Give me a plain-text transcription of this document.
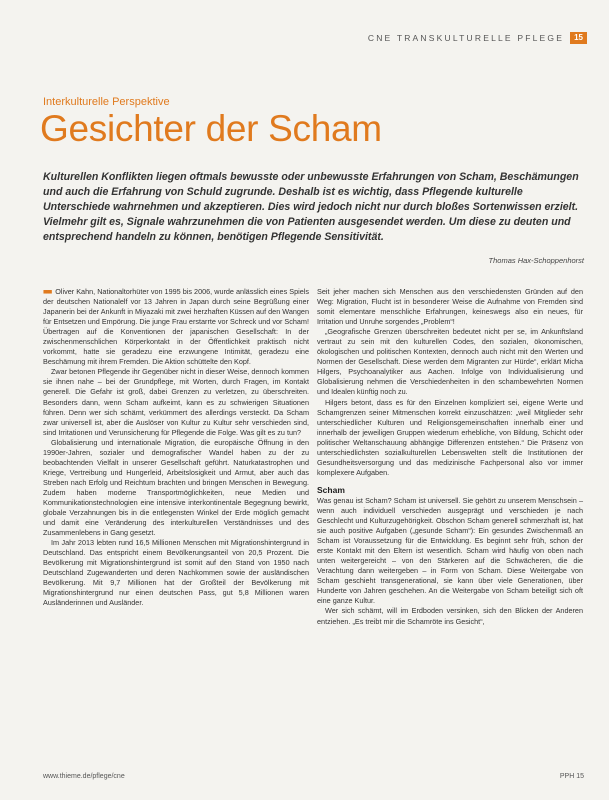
CNE TRANSKULTURELLE PFLEGE	15
Interkulturelle Perspektive
Gesichter der Scham
Kulturellen Konflikten liegen oftmals bewusste oder unbewusste Erfahrungen von Scham, Beschämungen und auch die Erfahrung von Schuld zugrunde. Deshalb ist es wichtig, dass Pflegende kulturelle Unterschiede wahrnehmen und akzeptieren. Dies wird jedoch nicht nur durch bloßes Sortenwissen erzielt. Vielmehr gilt es, Signale wahrzunehmen die von Patienten ausgesendet werden. Um diese zu deuten und entsprechend handeln zu können, benötigen Pflegende Sensitivität.
Thomas Hax-Schoppenhorst

■■■ Oliver Kahn, Nationaltorhüter von 1995 bis 2006, wurde anlässlich eines Spiels der deutschen Nationalelf vor 13 Jahren in Japan durch seine Begrüßung einer Japanerin bei der Ankunft in Miyazaki mit zwei herzhaften Küssen auf den Wangen für Entsetzen und Empörung. Die junge Frau erstarrte vor Schreck und vor Scham! Übertragen auf die Konventionen der japanischen Gesellschaft: In der zwischenmenschlichen Körperkontakt in der Öffentlichkeit praktisch nicht vorkommt, hatte sie geradezu eine erzwungene Intimität, geradezu eine Beschämung mit ihrem Fremden. Die Aktion schüttelte den Kopf.

Zwar betonen Pflegende ihr Gegenüber nicht in dieser Weise, dennoch kommen sie ihnen nahe – bei der Grundpflege, mit Worten, durch Fragen, im Kontakt generell. Die Gefahr ist groß, dabei Grenzen zu verletzen, zu überschreiten. Besonders dann, wenn Scham aufkeimt, kann es zu schwierigen Situationen führen. Denn wer sich schämt, verkümmert des allerdings versteckt. Da Scham zwar universell ist, aber die Auslöser von Kultur zu Kultur sehr verschieden sind, sind Irritationen und Verunsicherung für Pflegende die Folge. Was gilt es zu tun?

Globalisierung und internationale Migration, die europäische Öffnung in den 1990er-Jahren, sozialer und demografischer Wandel haben zu der zu beobachtenden Vielfalt in unserer Gesellschaft geführt. Naturkatastrophen und Kriege, Vertreibung und Hungerleid, Arbeitslosigkeit und Armut, aber auch das Streben nach Erfolg und Reichtum brachten und bringen Menschen in Bewegung. Zudem haben moderne Transportmöglichkeiten, neue Medien und Kommunikationstechnologien eine intensive interkontinentale Begegnung bewirkt, globale Verzahnungen bis in die entlegensten Winkel der Erde möglich gemacht und damit eine Veränderung des interkulturellen Verständnisses und des Zusammenlebens in Gang gesetzt.

Im Jahr 2013 lebten rund 16,5 Millionen Menschen mit Migrationshintergrund in Deutschland. Das entspricht einem Bevölkerungsanteil von 20,5 Prozent. Die Bevölkerung mit Migrationshintergrund ist somit auf den Stand von 1950 nach Deutschland Zugewanderten und deren Nachkommen sowie der ausländischen Bevölkerung. Mit 9,7 Millionen hat der Großteil der Bevölkerung mit Migrationshintergrund nur einen deutschen Pass, gut 5,8 Millionen waren Ausländerinnen und Ausländer.

Seit jeher machen sich Menschen aus den verschiedensten Gründen auf den Weg: Migration, Flucht ist in besonderer Weise die Aufnahme von Fremden sind somit elementare menschliche Erfahrungen, keineswegs also ein neues, für Irritation und Unruhe sorgendes „Problem“!

„Geografische Grenzen überschreiten bedeutet nicht per se, im Ankunftsland vertraut zu sein mit den kulturellen Codes, den sozialen, ökonomischen, ökologischen und politischen Kontexten, dennoch auch nicht mit den Werten und Normen der Gesellschaft. Diese werden dem Migranten zur Hürde“, erklärt Micha Hilgers, Psychoanalytiker aus Aachen. Infolge von Individualisierung und Globalisierung nehmen die Verschiedenheiten in den schambewehrten Normen und Idealen künftig noch zu.

Hilgers betont, dass es für den Einzelnen kompliziert sei, eigene Werte und Schamgrenzen seiner Mitmenschen korrekt einzuschätzen: „weil Mitglieder sehr unterschiedlicher Kulturen und Religionsgemeinschaften innerhalb einer und innerhalb der jeweiligen Gruppen wiederum erhebliche, von Bildung, Schicht oder politischer Weltanschauung abhängige Differenzen entstehen.“ Die Präsenz von unterschiedlichsten sozialkulturellen Lebenswelten stellt die Institutionen der Gesundheitsversorgung und das medizinische Fachpersonal also vor immer komplexere Aufgaben.

Scham

Was genau ist Scham? Scham ist universell. Sie gehört zu unserem Menschsein – wenn auch individuell verschieden ausgeprägt und verschieden je nach Geschlecht und Kulturzugehörigkeit. Obschon Scham generell schmerzhaft ist, hat sie auch positive Aufgaben („gesunde Scham“): Ein gesundes Zwischenmaß an Scham ist Voraussetzung für die Entwicklung. Es beginnt sehr früh, schon der erste Kontakt mit den Eltern ist wesentlich. Scham wird häufig von oben nach unten weitergereicht – von den Stärkeren auf die Schwächeren, die die Verachtung dann weitergeben – in Form von Scham. Diese Weitergabe von Scham geschieht transgenerational, sie kann über viele Generationen, über Hunderte von Jahren geschehen. An die Weitergabe von Scham beteiligt sich oft eine ganze Kultur.

Wer sich schämt, will im Erdboden versinken, sich den Blicken der Anderen entziehen. „Es treibt mir die Schamröte ins Gesicht“,

www.thieme.de/pflege/cne	PPH 15
